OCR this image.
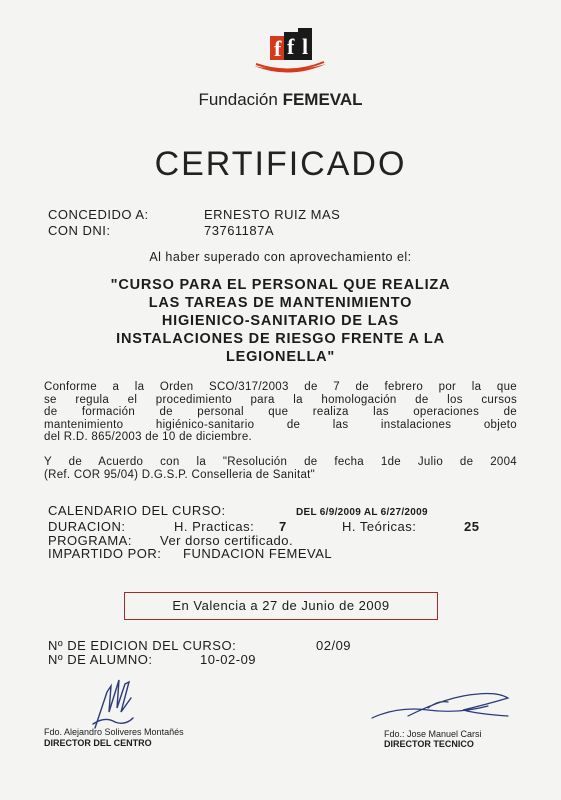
f f l
Fundación FEMEVAL
CERTIFICADO
CONCEDIDO A:	ERNESTO RUIZ MAS
CON DNI:	73761187A
Al haber superado con aprovechamiento el:
"CURSO PARA EL PERSONAL QUE REALIZA
LAS TAREAS DE MANTENIMIENTO
HIGIENICO-SANITARIO DE LAS
INSTALACIONES DE RIESGO FRENTE A LA
LEGIONELLA"
Conforme a la Orden SCO/317/2003 de 7 de febrero por la que
se regula el procedimiento para la homologación de los cursos
de formación de personal que realiza las operaciones de
mantenimiento higiénico-sanitario de las instalaciones objeto
del R.D. 865/2003 de 10 de diciembre.
Y de Acuerdo con la "Resolución de fecha 1de Julio de 2004
(Ref. COR 95/04) D.G.S.P. Conselleria de Sanitat"
CALENDARIO DEL CURSO:	DEL 6/9/2009 AL 6/27/2009
DURACION:	H. Practicas: 7	H. Teóricas:	25
PROGRAMA: Ver dorso certificado.
IMPARTIDO POR: FUNDACION FEMEVAL
En Valencia a 27 de Junio de 2009
Nº DE EDICION DEL CURSO:	02/09
Nº DE ALUMNO:	10-02-09
Fdo. Alejandro Soliveres Montañés
DIRECTOR DEL CENTRO
Fdo.: Jose Manuel Carsi
DIRECTOR TECNICO
